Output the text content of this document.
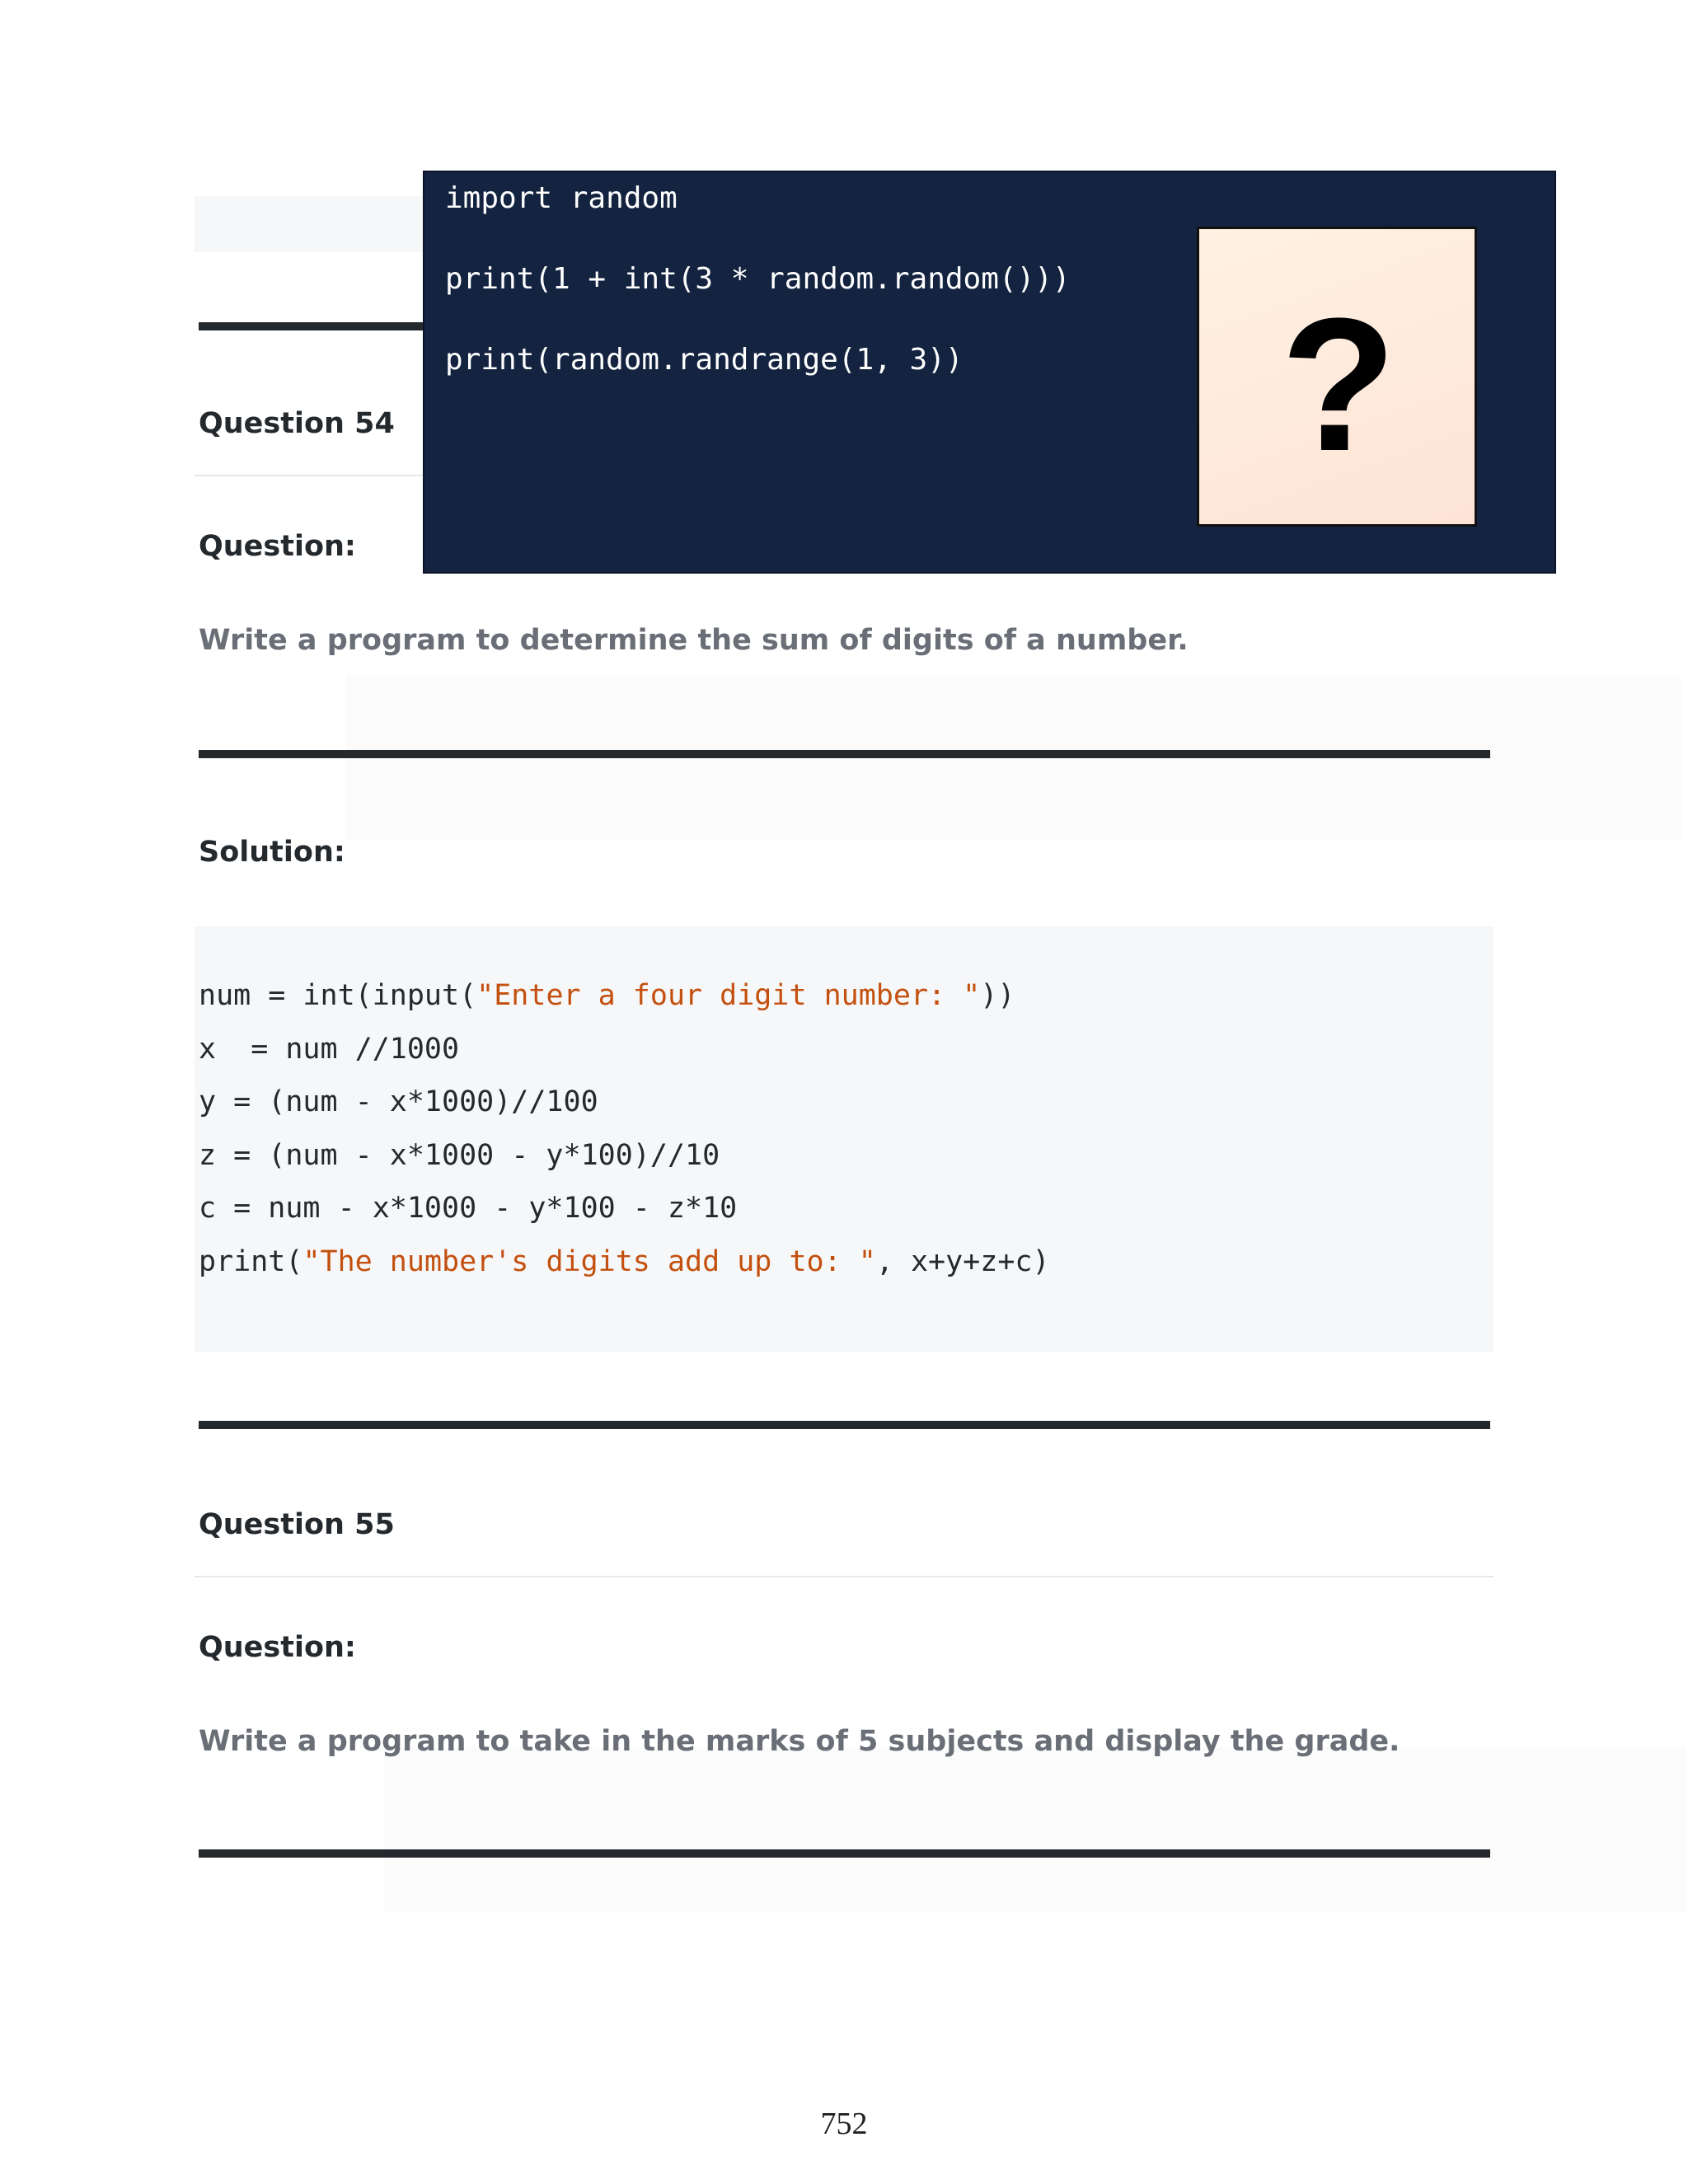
Question 54
Question:
Write a program to determine the sum of digits of a number.
Solution:
num = int(input("Enter a four digit number: "))
x  = num //1000
y = (num - x*1000)//100
z = (num - x*1000 - y*100)//10
c = num - x*1000 - y*100 - z*10
print("The number's digits add up to: ", x+y+z+c)
Question 55
Question:
Write a program to take in the marks of 5 subjects and display the grade.
import random
print(1 + int(3 * random.random()))
print(random.randrange(1, 3)) ?
752
